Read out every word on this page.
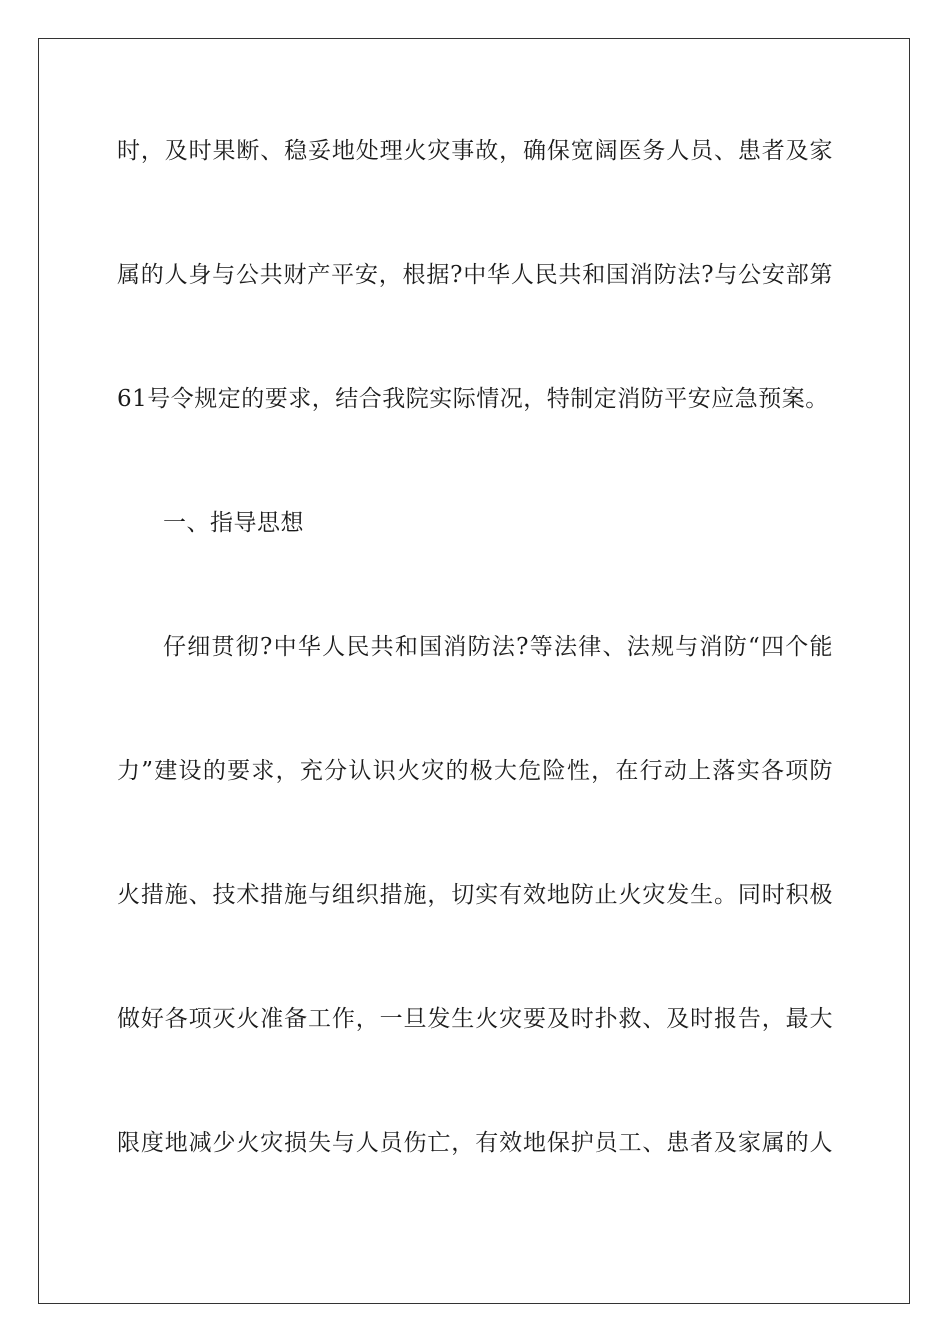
时，及时果断、稳妥地处理火灾事故，确保宽阔医务人员、患者及家
属的人身与公共财产平安，根据?中华人民共和国消防法?与公安部第
61号令规定的要求，结合我院实际情况，特制定消防平安应急预案。
一、指导思想
仔细贯彻?中华人民共和国消防法?等法律、法规与消防“四个能
力”建设的要求，充分认识火灾的极大危险性，在行动上落实各项防
火措施、技术措施与组织措施，切实有效地防止火灾发生。同时积极
做好各项灭火准备工作，一旦发生火灾要及时扑救、及时报告，最大
限度地减少火灾损失与人员伤亡，有效地保护员工、患者及家属的人
